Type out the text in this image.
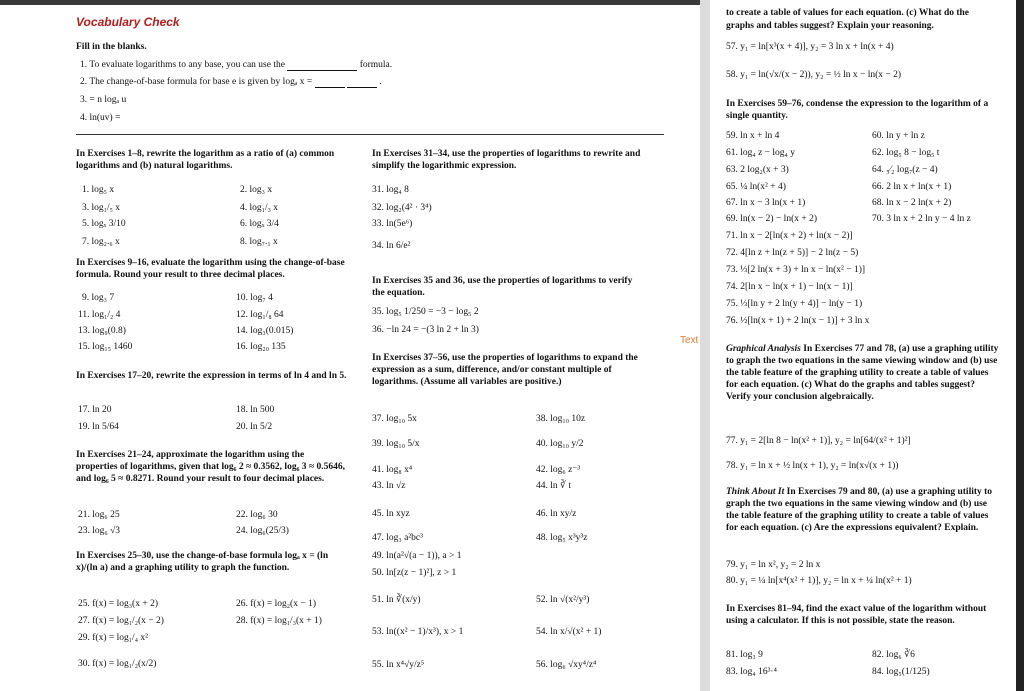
Vocabulary Check
Fill in the blanks.
1. To evaluate logarithms to any base, you can use the	formula.
2. The change-of-base formula for base e is given by logₐ x =	.
3. = n logₐ u
4. ln(uv) =
In Exercises 1–8, rewrite the logarithm as a ratio of (a) common logarithms and (b) natural logarithms.
1. log₅ x	2. log₃ x
3. log₁/₅ x	4. log₁/₃ x
5. logₓ 3/10	6. logₓ 3/4
7. log₂.₆ x	8. log₇.₁ x
In Exercises 9–16, evaluate the logarithm using the change-of-base formula. Round your result to three decimal places.
9. log₃ 7	10. log₇ 4
11. log₁/₂ 4	12. log₁/₈ 64
13. log₉(0.8)	14. log₃(0.015)
15. log₁₅ 1460	16. log₂₀ 135
In Exercises 17–20, rewrite the expression in terms of ln 4 and ln 5.
17. ln 20	18. ln 500
19. ln 5/64	20. ln 5/2
In Exercises 21–24, approximate the logarithm using the properties of logarithms, given that log₆ 2 ≈ 0.3562, log₆ 3 ≈ 0.5646, and log₆ 5 ≈ 0.8271. Round your result to four decimal places.
21. log₆ 25	22. log₆ 30
23. log₆ √3	24. log₆(25/3)
In Exercises 25–30, use the change-of-base formula logₐ x = (ln x)/(ln a) and a graphing utility to graph the function.
25. f(x) = log₃(x + 2)	26. f(x) = log₂(x − 1)
27. f(x) = log₁/₂(x − 2)	28. f(x) = log₁/₃(x + 1)
29. f(x) = log₁/₄ x²
30. f(x) = log₁/₂(x/2)
In Exercises 31–34, use the properties of logarithms to rewrite and simplify the logarithmic expression.
31. log₄ 8
32. log₂(4² · 3⁴)
33. ln(5e⁶)
34. ln 6/e²
In Exercises 35 and 36, use the properties of logarithms to verify the equation.
35. log₅ 1/250 = −3 − log₅ 2
36. −ln 24 = −(3 ln 2 + ln 3)
In Exercises 37–56, use the properties of logarithms to expand the expression as a sum, difference, and/or constant multiple of logarithms. (Assume all variables are positive.)
37. log₁₀ 5x	38. log₁₀ 10z
39. log₁₀ 5/x	40. log₁₀ y/2
41. log₈ x⁴	42. log₆ z⁻³
43. ln √z	44. ln ∛ t
45. ln xyz	46. ln xy/z
47. log₃ a²bc³	48. log₅ x³y³z
49. ln(a²√(a − 1)), a > 1
50. ln[z(z − 1)²], z > 1
51. ln ∛(x/y)	52. ln √(x²/y³)
53. ln((x² − 1)/x³), x > 1	54. ln x/√(x² + 1)
55. ln x⁴√y/z⁵	56. log₆ √xy⁴/z⁴
Text
to create a table of values for each equation. (c) What do the
graphs and tables suggest? Explain your reasoning.
57. y₁ = ln[x³(x + 4)], y₂ = 3 ln x + ln(x + 4)
58. y₁ = ln(√x/(x − 2)), y₂ = ½ ln x − ln(x − 2)
In Exercises 59–76, condense the expression to the logarithm of a single quantity.
59. ln x + ln 4	60. ln y + ln z
61. log₄ z − log₄ y	62. log₅ 8 − log₅ t
63. 2 log₂(x + 3)	64. ₅⁄₂ log₇(z − 4)
65. ¼ ln(x² + 4)	66. 2 ln x + ln(x + 1)
67. ln x − 3 ln(x + 1)	68. ln x − 2 ln(x + 2)
69. ln(x − 2) − ln(x + 2)	70. 3 ln x + 2 ln y − 4 ln z
71. ln x − 2[ln(x + 2) + ln(x − 2)]
72. 4[ln z + ln(z + 5)] − 2 ln(z − 5)
73. ⅓[2 ln(x + 3) + ln x − ln(x² − 1)]
74. 2[ln x − ln(x + 1) − ln(x − 1)]
75. ⅓[ln y + 2 ln(y + 4)] − ln(y − 1)
76. ½[ln(x + 1) + 2 ln(x − 1)] + 3 ln x
Graphical Analysis In Exercises 77 and 78, (a) use a graphing utility to graph the two equations in the same viewing window and (b) use the table feature of the graphing utility to create a table of values for each equation. (c) What do the graphs and tables suggest? Verify your conclusion algebraically.
77. y₁ = 2[ln 8 − ln(x² + 1)], y₂ = ln[64/(x² + 1)²]
78. y₁ = ln x + ½ ln(x + 1), y₂ = ln(x√(x + 1))
Think About It In Exercises 79 and 80, (a) use a graphing utility to graph the two equations in the same viewing window and (b) use the table feature of the graphing utility to create a table of values for each equation. (c) Are the expressions equivalent? Explain.
79. y₁ = ln x², y₂ = 2 ln x
80. y₁ = ¼ ln[x⁴(x² + 1)], y₂ = ln x + ¼ ln(x² + 1)
In Exercises 81–94, find the exact value of the logarithm without using a calculator. If this is not possible, state the reason.
81. log₃ 9	82. log₆ ∛6
83. log₄ 16³·⁴	84. log₅(1/125)
